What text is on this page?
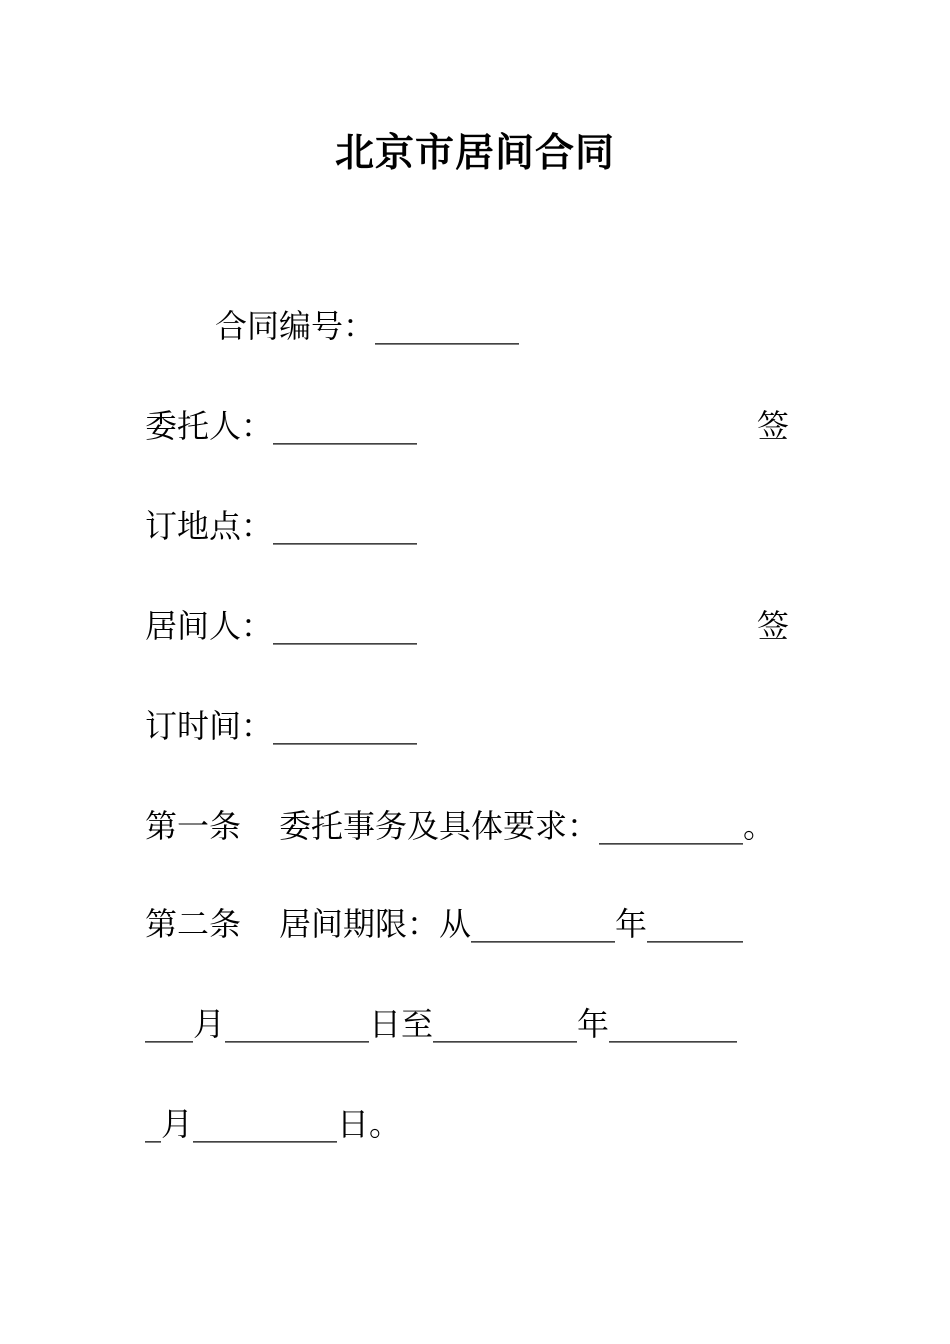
北京市居间合同
合同编号：_________
委托人：_________	签
订地点：_________
居间人：_________	签
订时间：_________
第一条 委托事务及具体要求：_________。
第二条 居间期限：从_________年______
___月_________日至_________年________
_月_________日。
